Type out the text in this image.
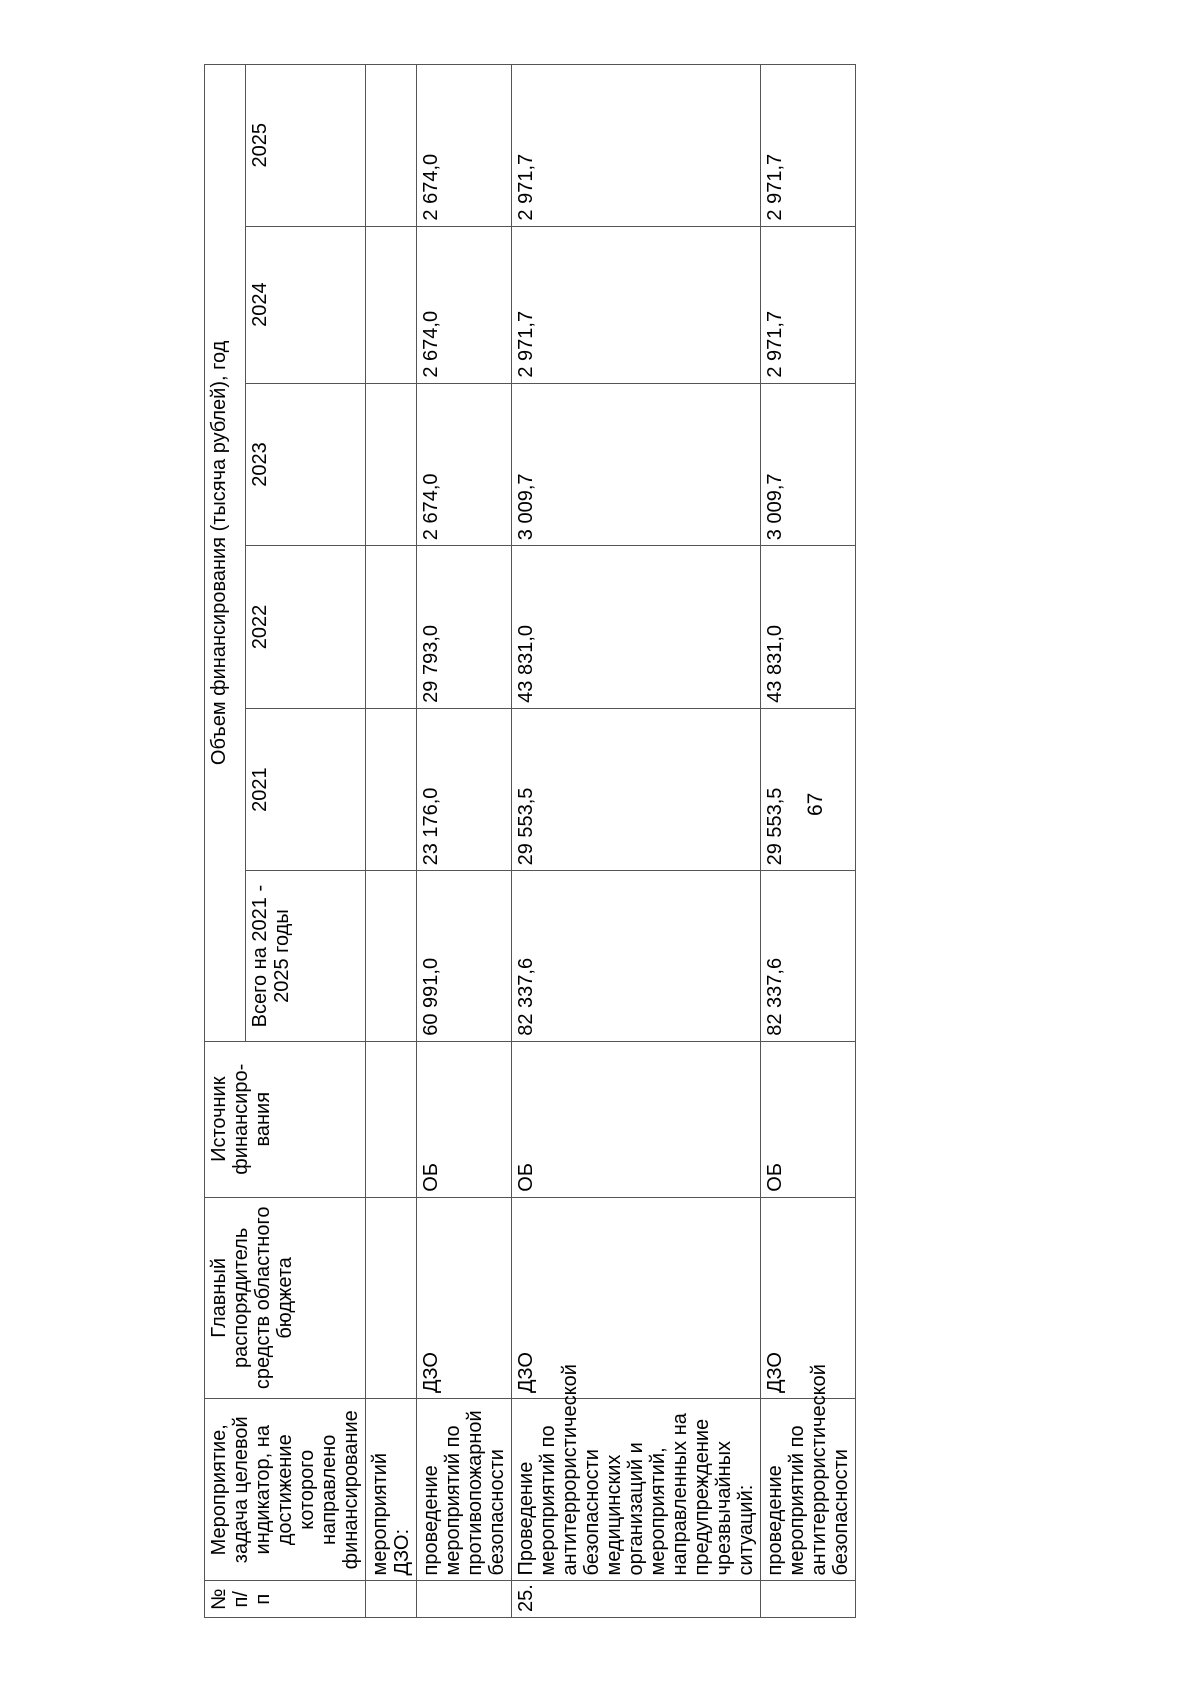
67
№ п/п	Мероприятие, задача целевой индикатор, на достижение которого направлено финансирование	Главный распорядитель средств областного бюджета	Источник финансиро-вания	Объем финансирования (тысяча рублей), год					
				Всего на 2021 - 2025 годы	2021	2022	2023	2024	2025
	мероприятий ДЗО:								
	проведение мероприятий по противопожарной безопасности	ДЗО	ОБ	60 991,0	23 176,0	29 793,0	2 674,0	2 674,0	2 674,0
25.	Проведение мероприятий по антитеррористической безопасности медицинских организаций и мероприятий, направленных на предупреждение чрезвычайных ситуаций:	ДЗО	ОБ	82 337,6	29 553,5	43 831,0	3 009,7	2 971,7	2 971,7
	проведение мероприятий по антитеррористической безопасности	ДЗО	ОБ	82 337,6	29 553,5	43 831,0	3 009,7	2 971,7	2 971,7
